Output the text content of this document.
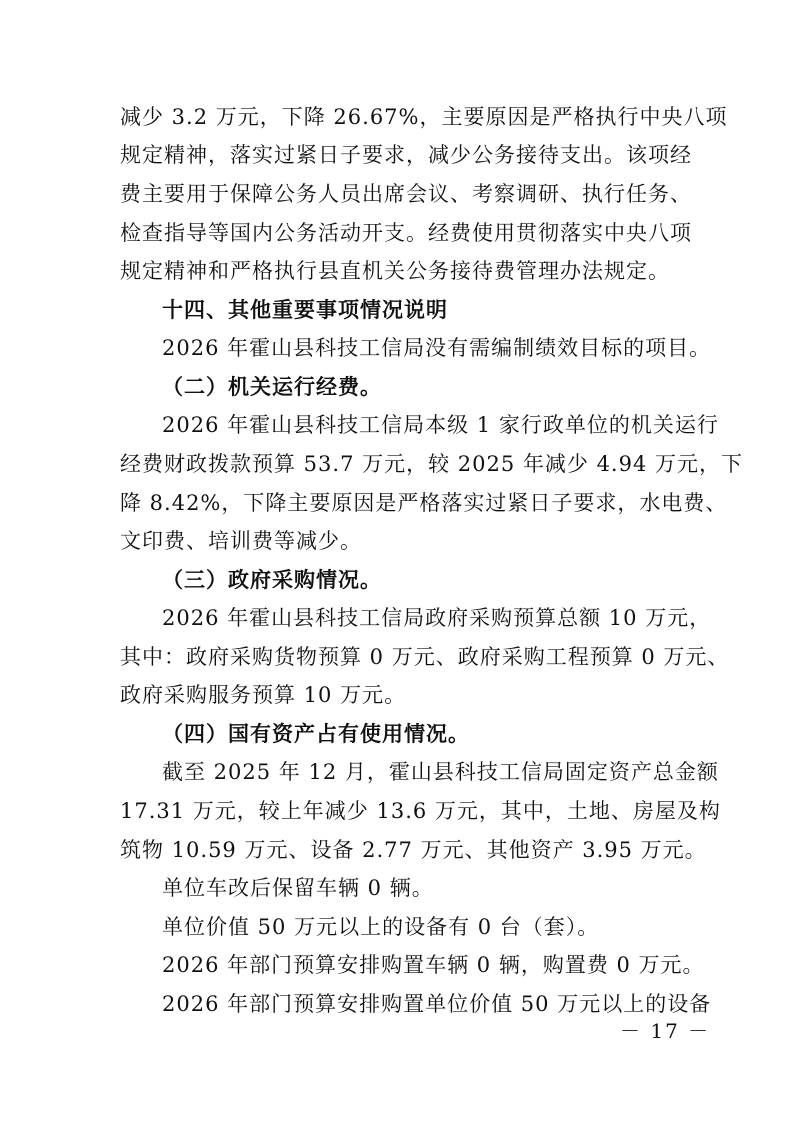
减少 3.2 万元，下降 26.67%，主要原因是严格执行中央八项
规定精神，落实过紧日子要求，减少公务接待支出。该项经
费主要用于保障公务人员出席会议、考察调研、执行任务、
检查指导等国内公务活动开支。经费使用贯彻落实中央八项
规定精神和严格执行县直机关公务接待费管理办法规定。
十四、其他重要事项情况说明
2026 年霍山县科技工信局没有需编制绩效目标的项目。
（二）机关运行经费。
2026 年霍山县科技工信局本级 1 家行政单位的机关运行
经费财政拨款预算 53.7 万元，较 2025 年减少 4.94 万元，下
降 8.42%，下降主要原因是严格落实过紧日子要求，水电费、
文印费、培训费等减少。
（三）政府采购情况。
2026 年霍山县科技工信局政府采购预算总额 10 万元，
其中：政府采购货物预算 0 万元、政府采购工程预算 0 万元、
政府采购服务预算 10 万元。
（四）国有资产占有使用情况。
截至 2025 年 12 月，霍山县科技工信局固定资产总金额
17.31 万元，较上年减少 13.6 万元，其中，土地、房屋及构
筑物 10.59 万元、设备 2.77 万元、其他资产 3.95 万元。
单位车改后保留车辆 0 辆。
单位价值 50 万元以上的设备有 0 台（套）。
2026 年部门预算安排购置车辆 0 辆，购置费 0 万元。
2026 年部门预算安排购置单位价值 50 万元以上的设备
－ 17 －
